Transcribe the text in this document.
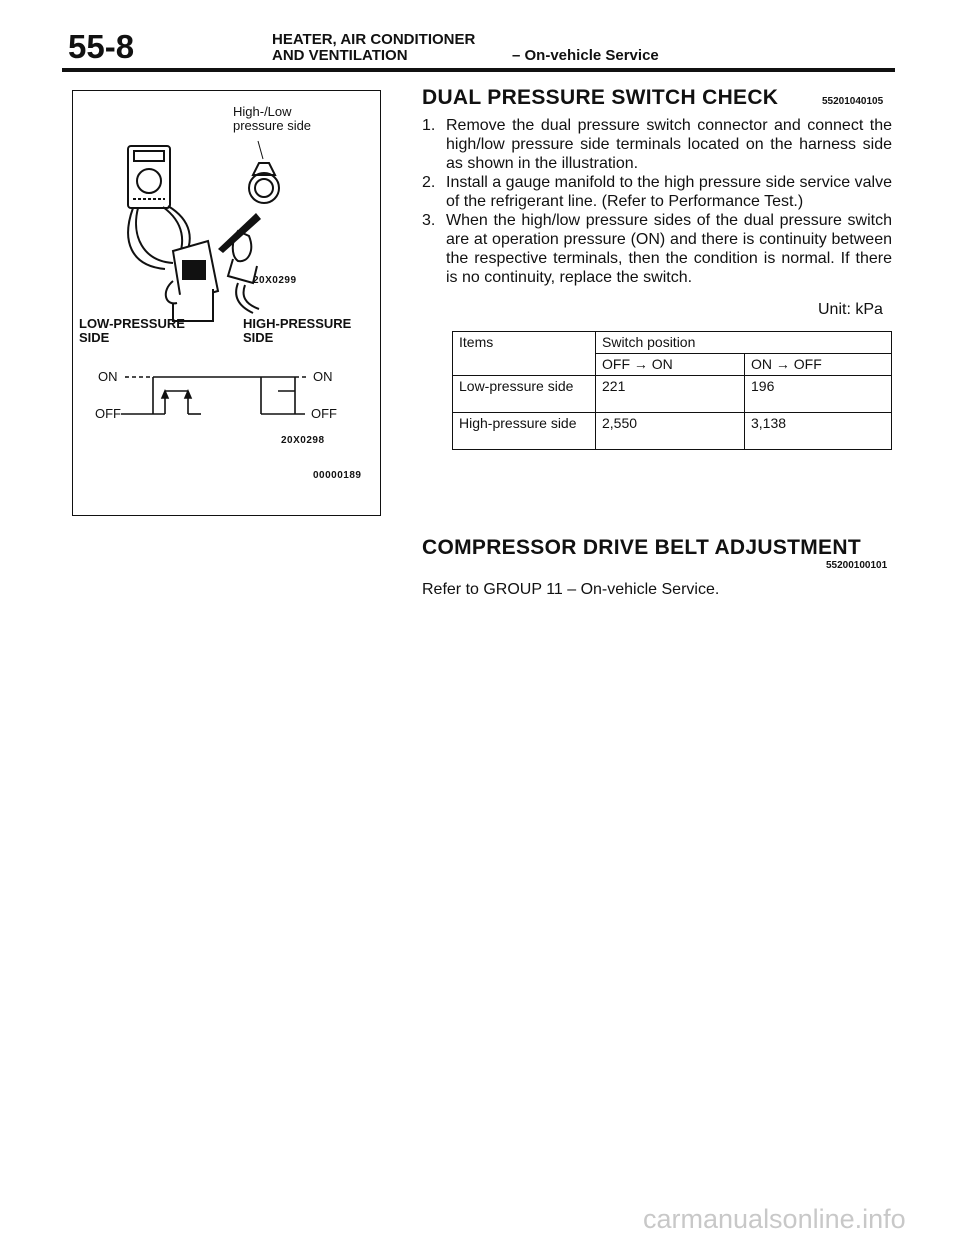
55-8	HEATER, AIR CONDITIONER
AND VENTILATION	– On-vehicle Service
High-/Low
pressure side
20X0299
LOW-PRESSURE
SIDE
HIGH-PRESSURE
SIDE
ON
OFF
ON
OFF
20X0298
00000189
DUAL PRESSURE SWITCH CHECK	55201040105
1. Remove the dual pressure switch connector and connect the high/low pressure side terminals located on the harness side as shown in the illustration.
2. Install a gauge manifold to the high pressure side service valve of the refrigerant line. (Refer to Performance Test.)
3. When the high/low pressure sides of the dual pressure switch are at operation pressure (ON) and there is continuity between the respective terminals, then the condition is normal. If there is no continuity, replace the switch.
Unit: kPa
Items	Switch position	
	OFF → ON	ON → OFF
Low-pressure side	221	196
High-pressure side	2,550	3,138
COMPRESSOR DRIVE BELT ADJUSTMENT
55200100101
Refer to GROUP 11 – On-vehicle Service.
carmanualsonline.info
